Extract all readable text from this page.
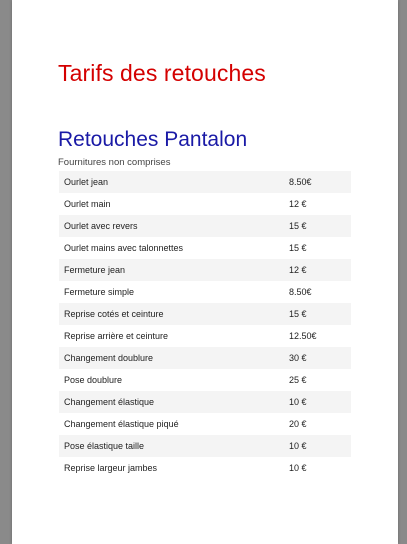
Tarifs des retouches
Retouches Pantalon
Fournitures non comprises
Ourlet jean	8.50€
Ourlet main	12 €
Ourlet avec revers	15 €
Ourlet mains avec talonnettes	15 €
Fermeture jean	12 €
Fermeture simple	8.50€
Reprise cotés et ceinture	15 €
Reprise arrière et ceinture	12.50€
Changement doublure	30 €
Pose doublure	25 €
Changement élastique	10 €
Changement élastique piqué	20 €
Pose élastique taille	10 €
Reprise largeur jambes	10 €
